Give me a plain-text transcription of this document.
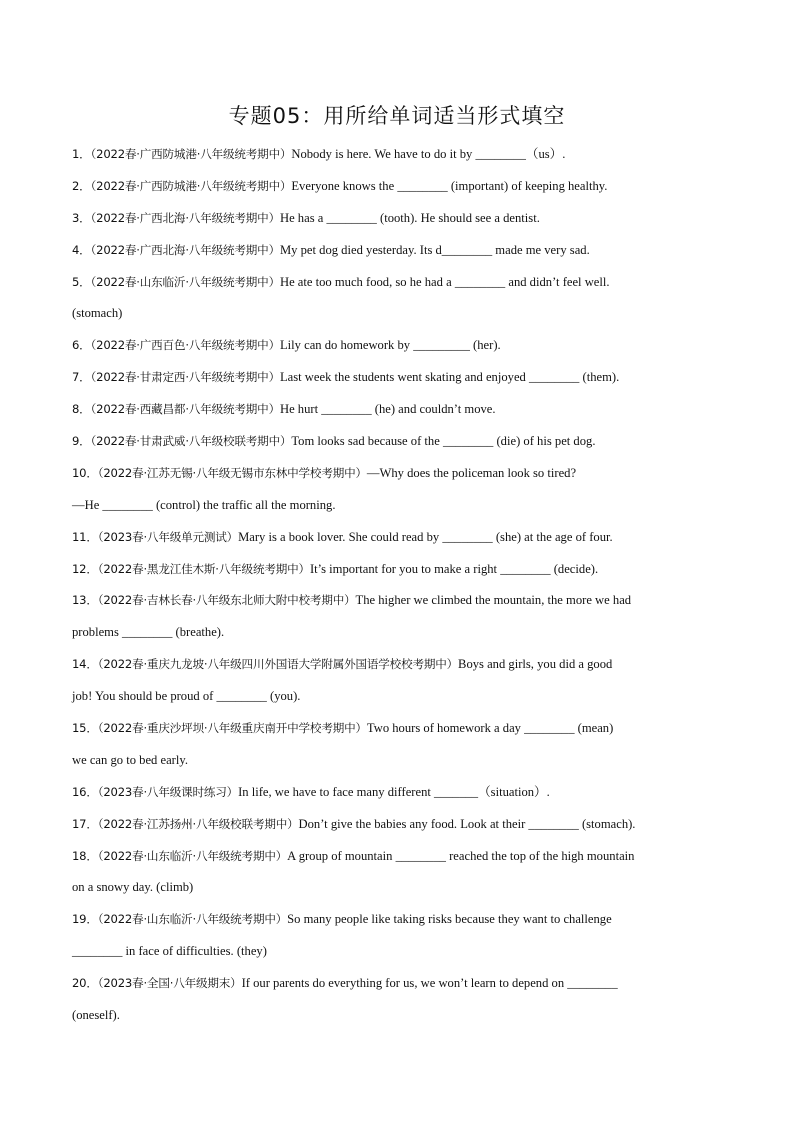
专题05：用所给单词适当形式填空
1．（2022春·广西防城港·八年级统考期中）Nobody is here. We have to do it by ________（us）.
2．（2022春·广西防城港·八年级统考期中）Everyone knows the ________ (important) of keeping healthy.
3．（2022春·广西北海·八年级统考期中）He has a ________ (tooth). He should see a dentist.
4．（2022春·广西北海·八年级统考期中）My pet dog died yesterday. Its d________ made me very sad.
5．（2022春·山东临沂·八年级统考期中）He ate too much food, so he had a ________ and didn’t feel well.
(stomach)
6．（2022春·广西百色·八年级统考期中）Lily can do homework by _________ (her).
7．（2022春·甘肃定西·八年级统考期中）Last week the students went skating and enjoyed ________ (them).
8．（2022春·西藏昌都·八年级统考期中）He hurt ________ (he) and couldn’t move.
9．（2022春·甘肃武威·八年级校联考期中）Tom looks sad because of the ________ (die) of his pet dog.
10．（2022春·江苏无锡·八年级无锡市东林中学校考期中）—Why does the policeman look so tired?
—He ________ (control) the traffic all the morning.
11．（2023春·八年级单元测试）Mary is a book lover. She could read by ________ (she) at the age of four.
12．（2022春·黑龙江佳木斯·八年级统考期中）It’s important for you to make a right ________ (decide).
13．（2022春·吉林长春·八年级东北师大附中校考期中）The higher we climbed the mountain, the more we had
problems ________ (breathe).
14．（2022春·重庆九龙坡·八年级四川外国语大学附属外国语学校校考期中）Boys and girls, you did a good
job! You should be proud of ________ (you).
15．（2022春·重庆沙坪坝·八年级重庆南开中学校考期中）Two hours of homework a day ________ (mean)
we can go to bed early.
16．（2023春·八年级课时练习）In life, we have to face many different _______（situation）.
17．（2022春·江苏扬州·八年级校联考期中）Don’t give the babies any food. Look at their ________ (stomach).
18．（2022春·山东临沂·八年级统考期中）A group of mountain ________ reached the top of the high mountain
on a snowy day. (climb)
19．（2022春·山东临沂·八年级统考期中）So many people like taking risks because they want to challenge
________ in face of difficulties. (they)
20．（2023春·全国·八年级期末）If our parents do everything for us, we won’t learn to depend on ________
(oneself).
